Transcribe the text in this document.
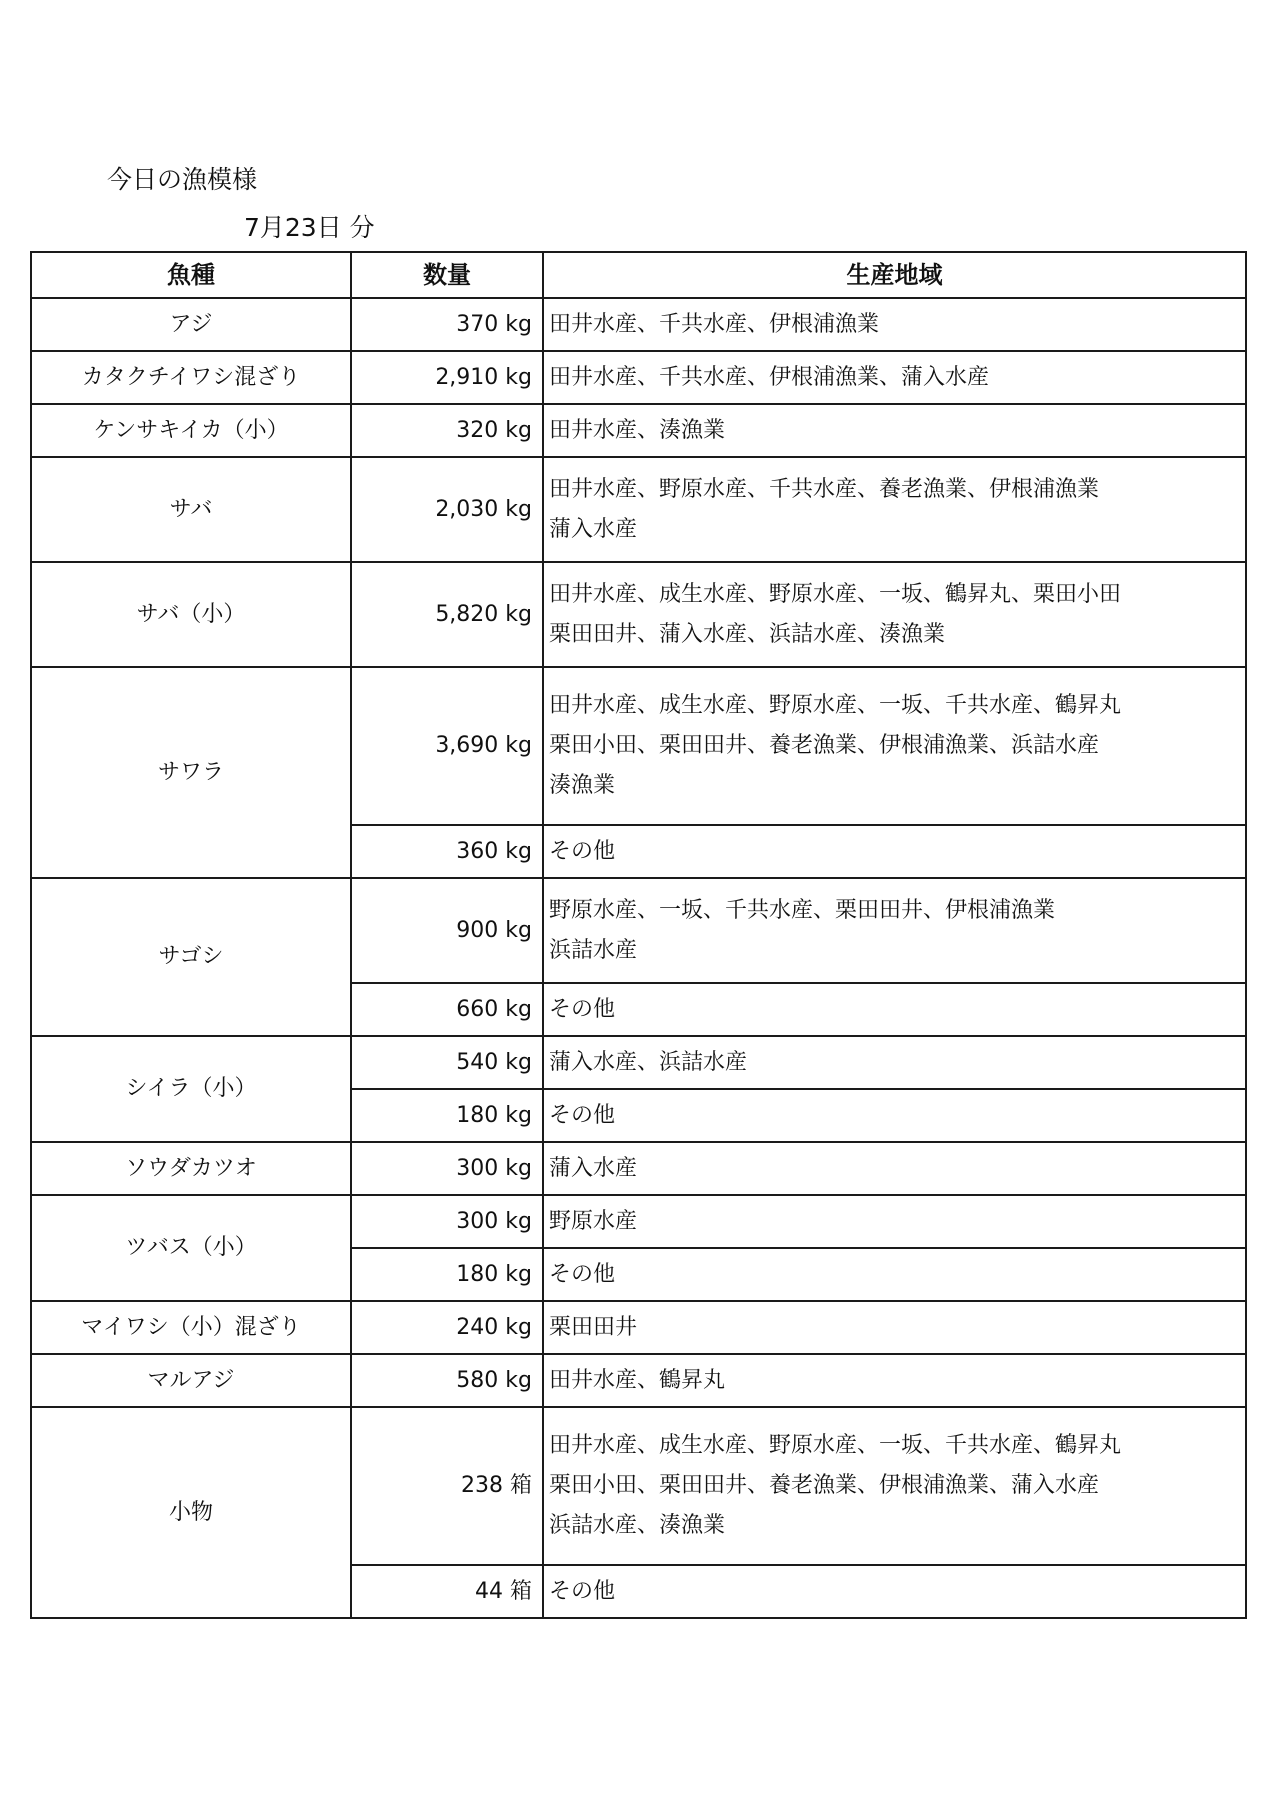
今日の漁模様
7月23日 分
魚種	数量	生産地域
アジ	370 kg	田井水産、千共水産、伊根浦漁業

カタクチイワシ混ざり	2,910 kg	田井水産、千共水産、伊根浦漁業、蒲入水産

ケンサキイカ（小）	320 kg	田井水産、湊漁業

サバ	2,030 kg	田井水産、野原水産、千共水産、養老漁業、伊根浦漁業
蒲入水産

サバ（小）	5,820 kg	田井水産、成生水産、野原水産、一坂、鶴昇丸、栗田小田
栗田田井、蒲入水産、浜詰水産、湊漁業

サワラ	3,690 kg	田井水産、成生水産、野原水産、一坂、千共水産、鶴昇丸
栗田小田、栗田田井、養老漁業、伊根浦漁業、浜詰水産
湊漁業

	360 kg	その他

サゴシ	900 kg	野原水産、一坂、千共水産、栗田田井、伊根浦漁業
浜詰水産

	660 kg	その他

シイラ（小）	540 kg	蒲入水産、浜詰水産

	180 kg	その他

ソウダカツオ	300 kg	蒲入水産

ツバス（小）	300 kg	野原水産

	180 kg	その他

マイワシ（小）混ざり	240 kg	栗田田井

マルアジ	580 kg	田井水産、鶴昇丸

小物	238 箱	田井水産、成生水産、野原水産、一坂、千共水産、鶴昇丸
栗田小田、栗田田井、養老漁業、伊根浦漁業、蒲入水産
浜詰水産、湊漁業

	44 箱	その他
